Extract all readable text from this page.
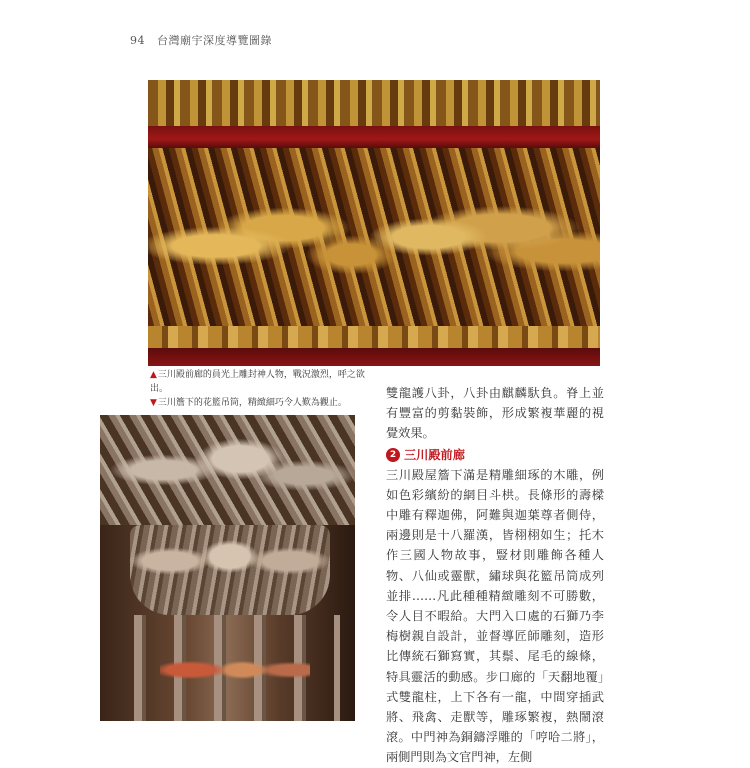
94 台灣廟宇深度導覽圖錄
▲三川殿前廊的員光上雕封神人物，戰況激烈，呼之欲出。
▼三川簷下的花籃吊筒，精緻細巧令人歎為觀止。

雙龍護八卦，八卦由麒麟馱負。脊上並有豐富的剪黏裝飾，形成繁複華麗的視覺效果。

2 三川殿前廊

三川殿屋簷下滿是精雕細琢的木雕，例如色彩繽紛的網目斗栱。長條形的壽樑中雕有釋迦佛，阿難與迦葉尊者側侍，兩邊則是十八羅漢，皆栩栩如生；托木作三國人物故事，豎材則雕飾各種人物、八仙或靈獸，繡球與花籃吊筒成列並排……凡此種種精緻雕刻不可勝數，令人目不暇給。大門入口處的石獅乃李梅樹親自設計，並督導匠師雕刻，造形比傳統石獅寫實，其鬃、尾毛的線條，特具靈活的動感。步口廊的「天翻地覆」式雙龍柱，上下各有一龍，中間穿插武將、飛禽、走獸等，雕琢繁複，熱鬧滾滾。中門神為銅鑄浮雕的「哼哈二將」，兩側門則為文官門神，左側
